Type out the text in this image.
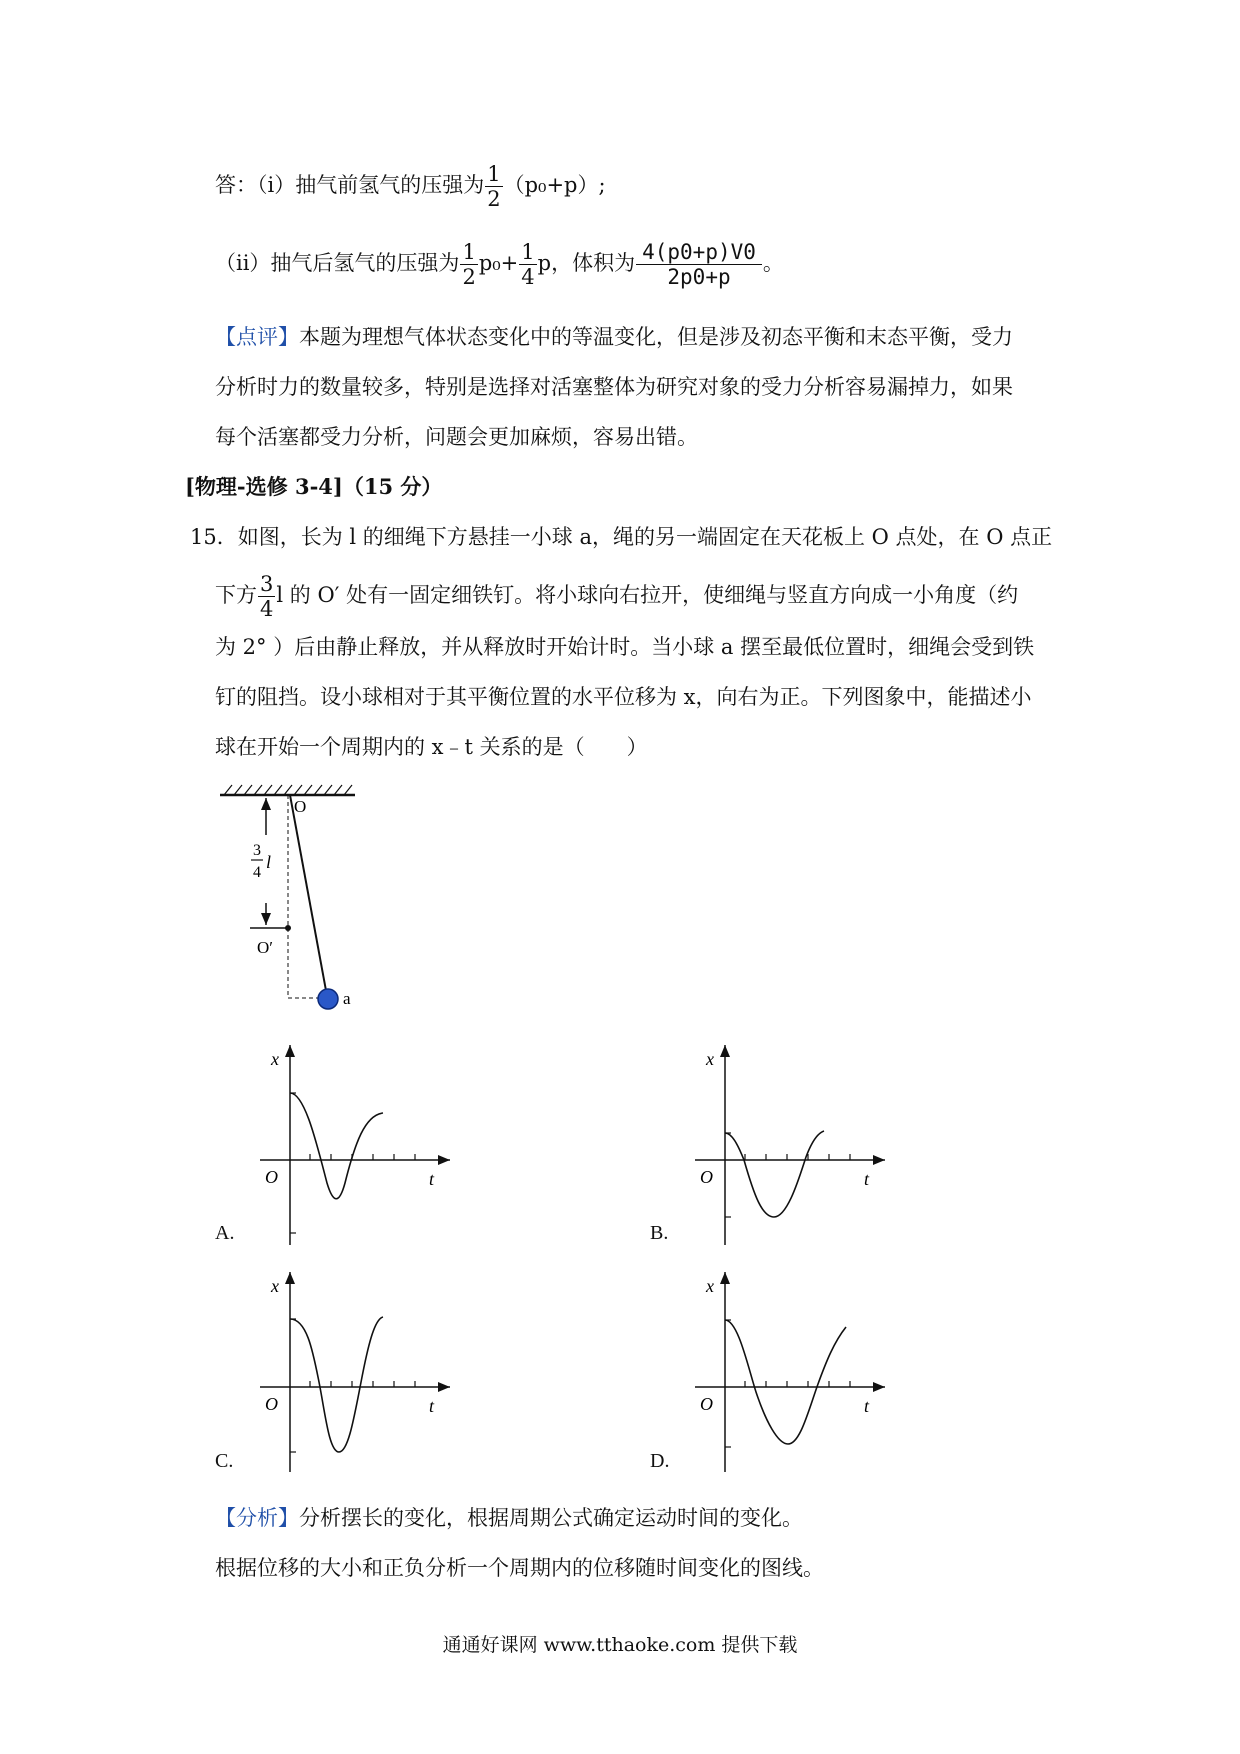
答：（i）抽气前氢气的压强为 $\frac{1}{2} (p_0+p)$;
（ii）抽气后氢气的压强为 $\frac{1}{2} p_0+ \frac{1}{4}$ p，体积为 $\frac{4(p0+p)V0}{2p0+p}$ 。
【点评】本题为理想气体状态变化中的等温变化，但是涉及初态平衡和末态平衡，受力
分析时力的数量较多，特别是选择对活塞整体为研究对象的受力分析容易漏掉力，如果
每个活塞都受力分析，问题会更加麻烦，容易出错。
[物理-选修 3-4]（15 分）
15．如图，长为 l 的细绳下方悬挂一小球 a，绳的另一端固定在天花板上 O 点处，在 O 点正
下方 $\frac{3}{4}$ l 的 O′ 处有一固定细铁钉。将小球向右拉开，使细绳与竖直方向成一小角度（约
为 2° ）后由静止释放，并从释放时开始计时。当小球 a 摆至最低位置时，细绳会受到铁
钉的阻挡。设小球相对于其平衡位置的水平位移为 x，向右为正。下列图象中，能描述小
球在开始一个周期内的 x﹣t 关系的是（　　）
3
4
l
O
O′
a
x
O	t
A.
x
O	t
B.
x
O	t
C.
x
O	t
D.
【分析】分析摆长的变化，根据周期公式确定运动时间的变化。
根据位移的大小和正负分析一个周期内的位移随时间变化的图线。
通通好课网 www.tthaoke.com 提供下载
